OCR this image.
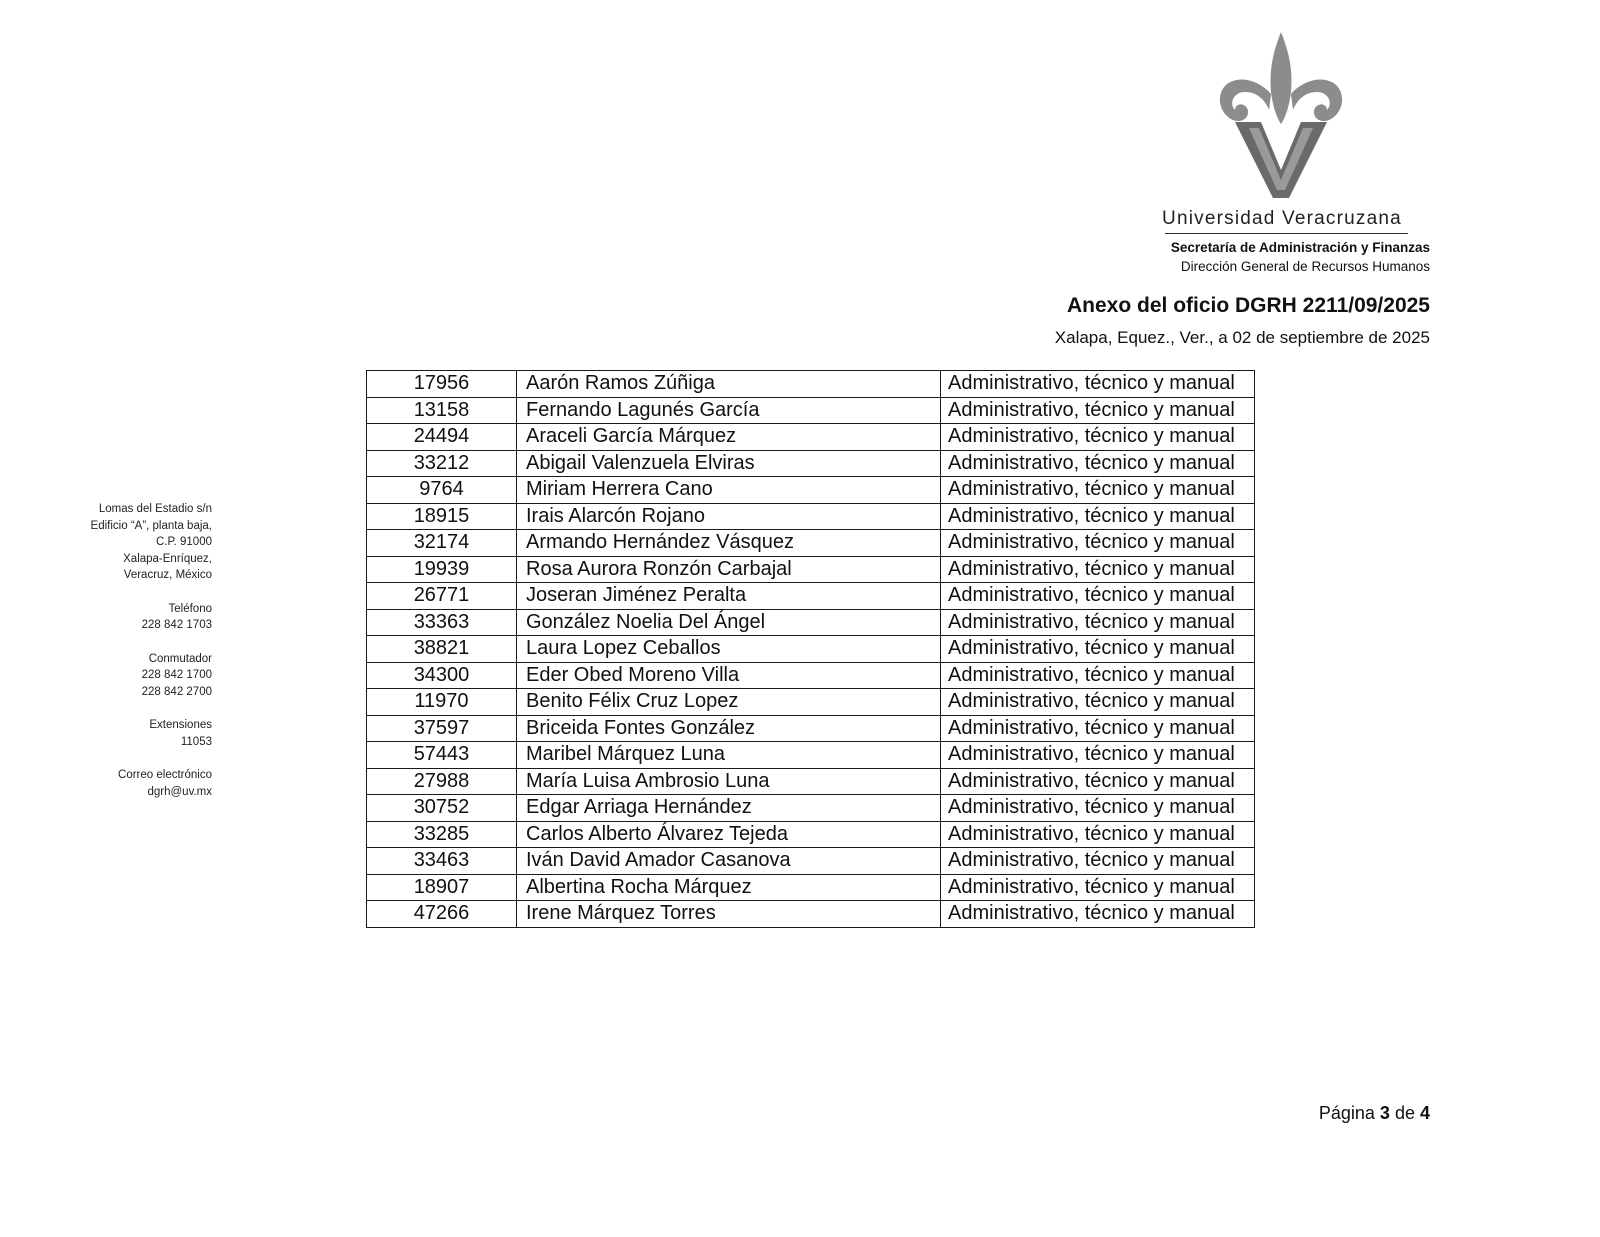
Universidad Veracruzana
Secretaría de Administración y Finanzas
Dirección General de Recursos Humanos
Anexo del oficio DGRH 2211/09/2025
Xalapa, Equez., Ver., a 02 de septiembre de 2025
Lomas del Estadio s/n
Edificio “A”, planta baja,
C.P. 91000
Xalapa-Enríquez,
Veracruz, México
Teléfono
228 842 1703
Conmutador
228 842 1700
228 842 2700
Extensiones
11053
Correo electrónico
dgrh@uv.mx
17956	Aarón Ramos Zúñiga	Administrativo, técnico y manual
13158	Fernando Lagunés García	Administrativo, técnico y manual
24494	Araceli García Márquez	Administrativo, técnico y manual
33212	Abigail Valenzuela Elviras	Administrativo, técnico y manual
9764	Miriam Herrera Cano	Administrativo, técnico y manual
18915	Irais Alarcón Rojano	Administrativo, técnico y manual
32174	Armando Hernández Vásquez	Administrativo, técnico y manual
19939	Rosa Aurora Ronzón Carbajal	Administrativo, técnico y manual
26771	Joseran Jiménez Peralta	Administrativo, técnico y manual
33363	González Noelia Del Ángel	Administrativo, técnico y manual
38821	Laura Lopez Ceballos	Administrativo, técnico y manual
34300	Eder Obed Moreno Villa	Administrativo, técnico y manual
11970	Benito Félix Cruz Lopez	Administrativo, técnico y manual
37597	Briceida Fontes González	Administrativo, técnico y manual
57443	Maribel Márquez Luna	Administrativo, técnico y manual
27988	María Luisa Ambrosio Luna	Administrativo, técnico y manual
30752	Edgar Arriaga Hernández	Administrativo, técnico y manual
33285	Carlos Alberto Álvarez Tejeda	Administrativo, técnico y manual
33463	Iván David Amador Casanova	Administrativo, técnico y manual
18907	Albertina Rocha Márquez	Administrativo, técnico y manual
47266	Irene Márquez Torres	Administrativo, técnico y manual
Página 3 de 4
